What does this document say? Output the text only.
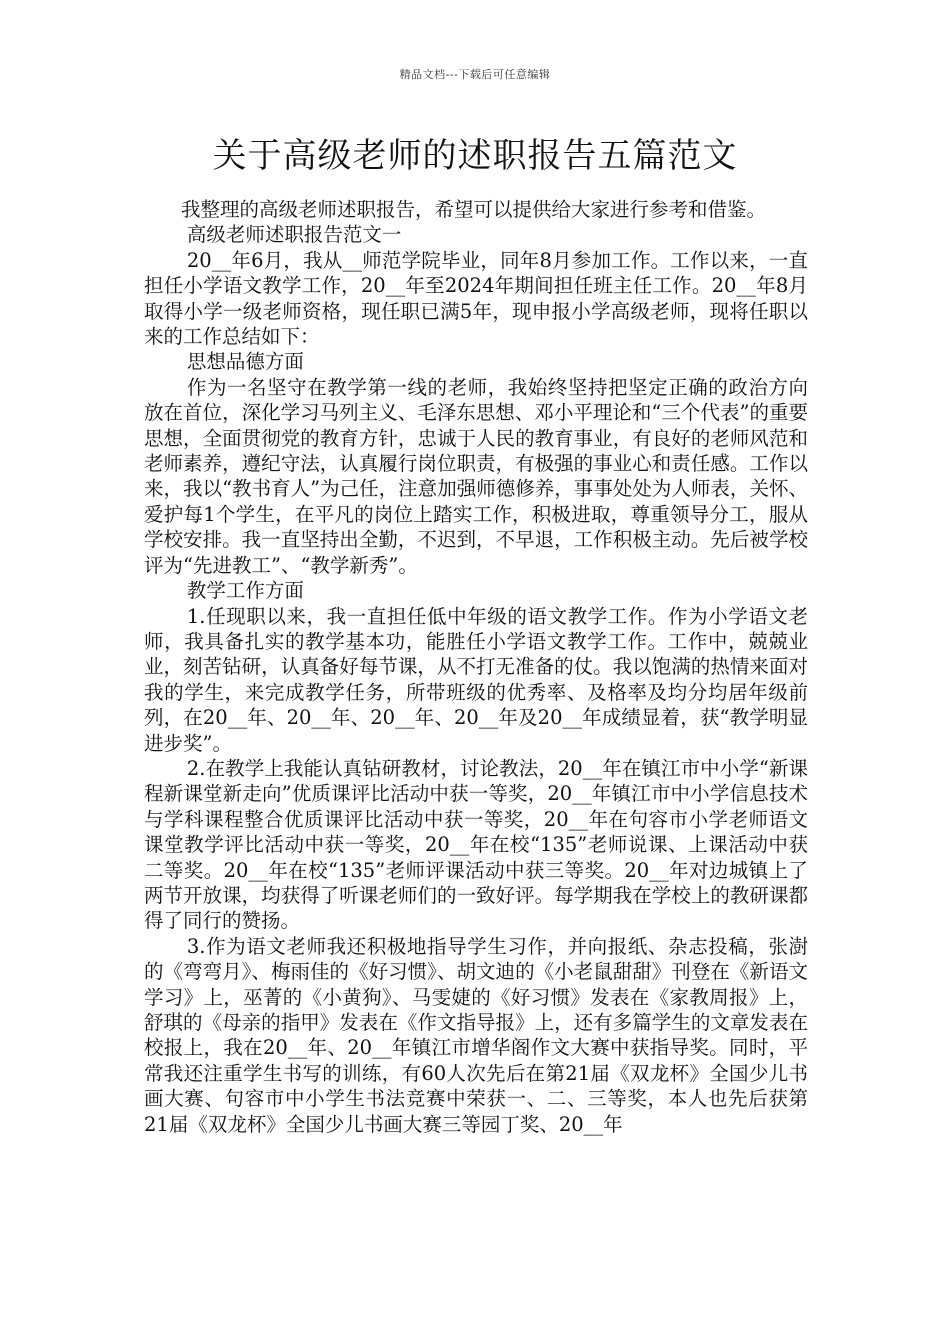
精品文档---下载后可任意编辑
关于高级老师的述职报告五篇范文

我整理的高级老师述职报告，希望可以提供给大家进行参考和借鉴。

高级老师述职报告范文一

20__年6月，我从__师范学院毕业，同年8月参加工作。工作以来，一直担任小学语文教学工作，20__年至2024年期间担任班主任工作。20__年8月取得小学一级老师资格，现任职已满5年，现申报小学高级老师，现将任职以来的工作总结如下：

思想品德方面

作为一名坚守在教学第一线的老师，我始终坚持把坚定正确的政治方向放在首位，深化学习马列主义、毛泽东思想、邓小平理论和“三个代表”的重要思想，全面贯彻党的教育方针，忠诚于人民的教育事业，有良好的老师风范和老师素养，遵纪守法，认真履行岗位职责，有极强的事业心和责任感。工作以来，我以“教书育人”为己任，注意加强师德修养，事事处处为人师表，关怀、爱护每1个学生，在平凡的岗位上踏实工作，积极进取，尊重领导分工，服从学校安排。我一直坚持出全勤，不迟到，不早退，工作积极主动。先后被学校评为“先进教工”、“教学新秀”。

教学工作方面

1.任现职以来，我一直担任低中年级的语文教学工作。作为小学语文老师，我具备扎实的教学基本功，能胜任小学语文教学工作。工作中，兢兢业业，刻苦钻研，认真备好每节课，从不打无准备的仗。我以饱满的热情来面对我的学生，来完成教学任务，所带班级的优秀率、及格率及均分均居年级前列，在20__年、20__年、20__年、20__年及20__年成绩显着，获“教学明显进步奖”。

2.在教学上我能认真钻研教材，讨论教法，20__年在镇江市中小学“新课程新课堂新走向”优质课评比活动中获一等奖，20__年镇江市中小学信息技术与学科课程整合优质课评比活动中获一等奖，20__年在句容市小学老师语文课堂教学评比活动中获一等奖，20__年在校“135”老师说课、上课活动中获二等奖。20__年在校“135”老师评课活动中获三等奖。20__年对边城镇上了两节开放课，均获得了听课老师们的一致好评。每学期我在学校上的教研课都得了同行的赞扬。

3.作为语文老师我还积极地指导学生习作，并向报纸、杂志投稿，张澍的《弯弯月》、梅雨佳的《好习惯》、胡文迪的《小老鼠甜甜》刊登在《新语文学习》上，巫菁的《小黄狗》、马雯婕的《好习惯》发表在《家教周报》上，舒琪的《母亲的指甲》发表在《作文指导报》上，还有多篇学生的文章发表在校报上，我在20__年、20__年镇江市增华阁作文大赛中获指导奖。同时，平常我还注重学生书写的训练，有60人次先后在第21届《双龙杯》全国少儿书画大赛、句容市中小学生书法竞赛中荣获一、二、三等奖，本人也先后获第21届《双龙杯》全国少儿书画大赛三等园丁奖、20__年
